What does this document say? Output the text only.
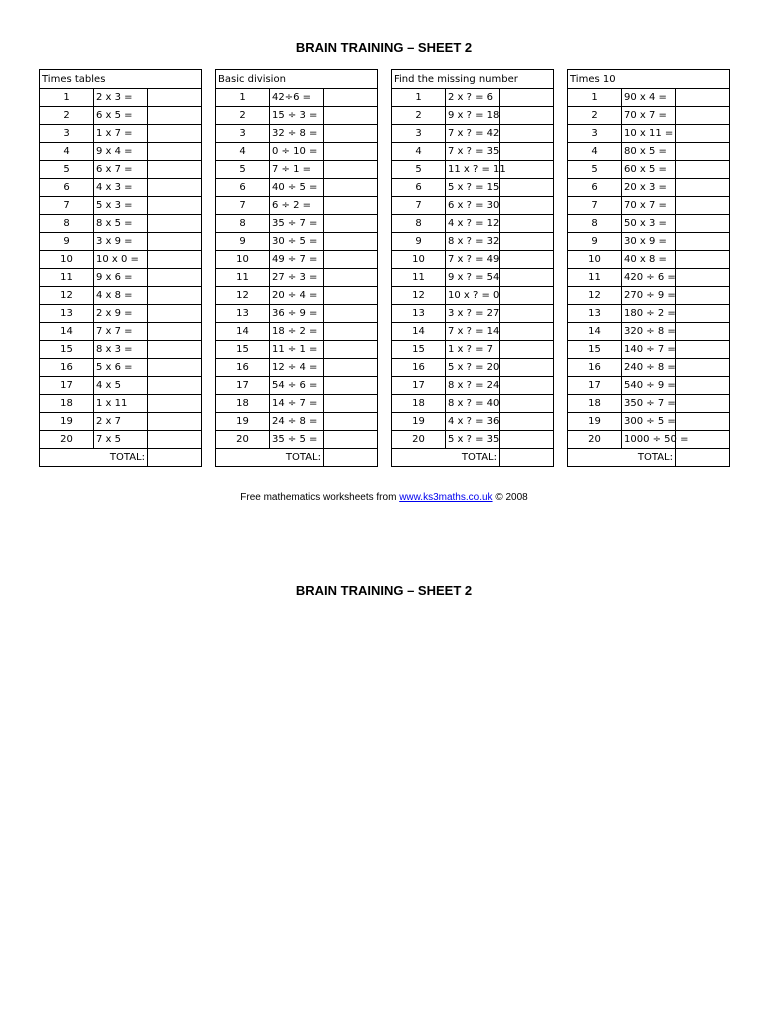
BRAIN TRAINING – SHEET 2
Times tables		
1	2 x 3 =	
2	6 x 5 =	
3	1 x 7 =	
4	9 x 4 =	
5	6 x 7 =	
6	4 x 3 =	
7	5 x 3 =	
8	8 x 5 =	
9	3 x 9 =	
10	10 x 0 =	
11	9 x 6 =	
12	4 x 8 =	
13	2 x 9 =	
14	7 x 7 =	
15	8 x 3 =	
16	5 x 6 =	
17	4 x 5	
18	1 x 11	
19	2 x 7	
20	7 x 5	
TOTAL:		
Basic division		
1	42÷6 =	
2	15 ÷ 3 =	
3	32 ÷ 8 =	
4	0 ÷ 10 =	
5	7 ÷ 1 =	
6	40 ÷ 5 =	
7	6 ÷ 2 =	
8	35 ÷ 7 =	
9	30 ÷ 5 =	
10	49 ÷ 7 =	
11	27 ÷ 3 =	
12	20 ÷ 4 =	
13	36 ÷ 9 =	
14	18 ÷ 2 =	
15	11 ÷ 1 =	
16	12 ÷ 4 =	
17	54 ÷ 6 =	
18	14 ÷ 7 =	
19	24 ÷ 8 =	
20	35 ÷ 5 =	
TOTAL:		
Find the missing number		
1	2 x ? = 6	
2	9 x ? = 18	
3	7 x ? = 42	
4	7 x ? = 35	
5	11 x ? = 11	
6	5 x ? = 15	
7	6 x ? = 30	
8	4 x ? = 12	
9	8 x ? = 32	
10	7 x ? = 49	
11	9 x ? = 54	
12	10 x ? = 0	
13	3 x ? = 27	
14	7 x ? = 14	
15	1 x ? = 7	
16	5 x ? = 20	
17	8 x ? = 24	
18	8 x ? = 40	
19	4 x ? = 36	
20	5 x ? = 35	
TOTAL:		
Times 10		
1	90 x 4 =	
2	70 x 7 =	
3	10 x 11 =	
4	80 x 5 =	
5	60 x 5 =	
6	20 x 3 =	
7	70 x 7 =	
8	50 x 3 =	
9	30 x 9 =	
10	40 x 8 =	
11	420 ÷ 6 =	
12	270 ÷ 9 =	
13	180 ÷ 2 =	
14	320 ÷ 8 =	
15	140 ÷ 7 =	
16	240 ÷ 8 =	
17	540 ÷ 9 =	
18	350 ÷ 7 =	
19	300 ÷ 5 =	
20	1000 ÷ 50 =	
TOTAL:		
Free mathematics worksheets from www.ks3maths.co.uk © 2008
BRAIN TRAINING – SHEET 2
